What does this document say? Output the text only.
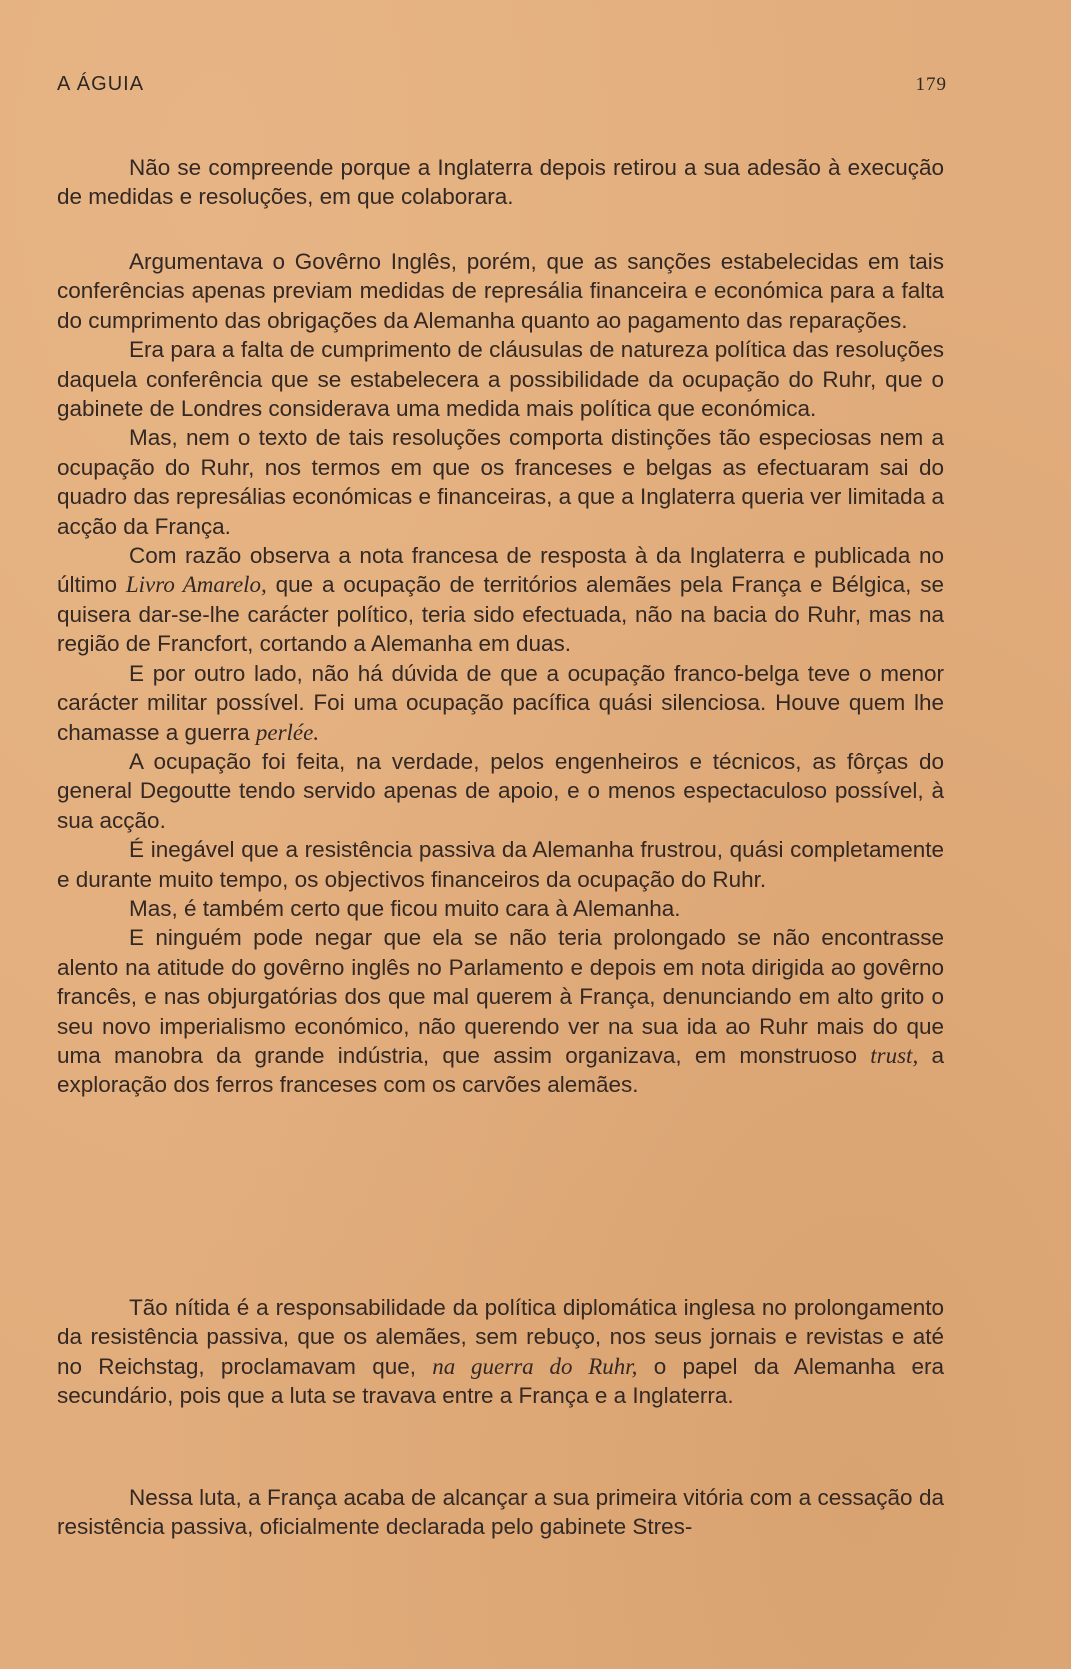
A ÁGUIA	179

Não se compreende porque a Inglaterra depois retirou a sua adesão à execução de medidas e resoluções, em que colaborara.

Argumentava o Govêrno Inglês, porém, que as sanções estabelecidas em tais conferências apenas previam medidas de represália financeira e económica para a falta do cumprimento das obrigações da Alemanha quanto ao pagamento das reparações.

Era para a falta de cumprimento de cláusulas de natureza política das resoluções daquela conferência que se estabelecera a possibilidade da ocupação do Ruhr, que o gabinete de Londres considerava uma medida mais política que económica.

Mas, nem o texto de tais resoluções comporta distinções tão especiosas nem a ocupação do Ruhr, nos termos em que os franceses e belgas as efectuaram sai do quadro das represálias económicas e financeiras, a que a Inglaterra queria ver limitada a acção da França.

Com razão observa a nota francesa de resposta à da Inglaterra e publicada no último Livro Amarelo, que a ocupação de territórios alemães pela França e Bélgica, se quisera dar-se-lhe carácter político, teria sido efectuada, não na bacia do Ruhr, mas na região de Francfort, cortando a Alemanha em duas.

E por outro lado, não há dúvida de que a ocupação franco-belga teve o menor carácter militar possível. Foi uma ocupação pacífica quási silenciosa. Houve quem lhe chamasse a guerra perlée.

A ocupação foi feita, na verdade, pelos engenheiros e técnicos, as fôrças do general Degoutte tendo servido apenas de apoio, e o menos espectaculoso possível, à sua acção.

É inegável que a resistência passiva da Alemanha frustrou, quási completamente e durante muito tempo, os objectivos financeiros da ocupação do Ruhr.

Mas, é também certo que ficou muito cara à Alemanha.

E ninguém pode negar que ela se não teria prolongado se não encontrasse alento na atitude do govêrno inglês no Parlamento e depois em nota dirigida ao govêrno francês, e nas objurgatórias dos que mal querem à França, denunciando em alto grito o seu novo imperialismo económico, não querendo ver na sua ida ao Ruhr mais do que uma manobra da grande indústria, que assim organizava, em monstruoso trust, a exploração dos ferros franceses com os carvões alemães.

Tão nítida é a responsabilidade da política diplomática inglesa no prolongamento da resistência passiva, que os alemães, sem rebuço, nos seus jornais e revistas e até no Reichstag, proclamavam que, na guerra do Ruhr, o papel da Alemanha era secundário, pois que a luta se travava entre a França e a Inglaterra.

Nessa luta, a França acaba de alcançar a sua primeira vitória com a cessação da resistência passiva, oficialmente declarada pelo gabinete Stres-
